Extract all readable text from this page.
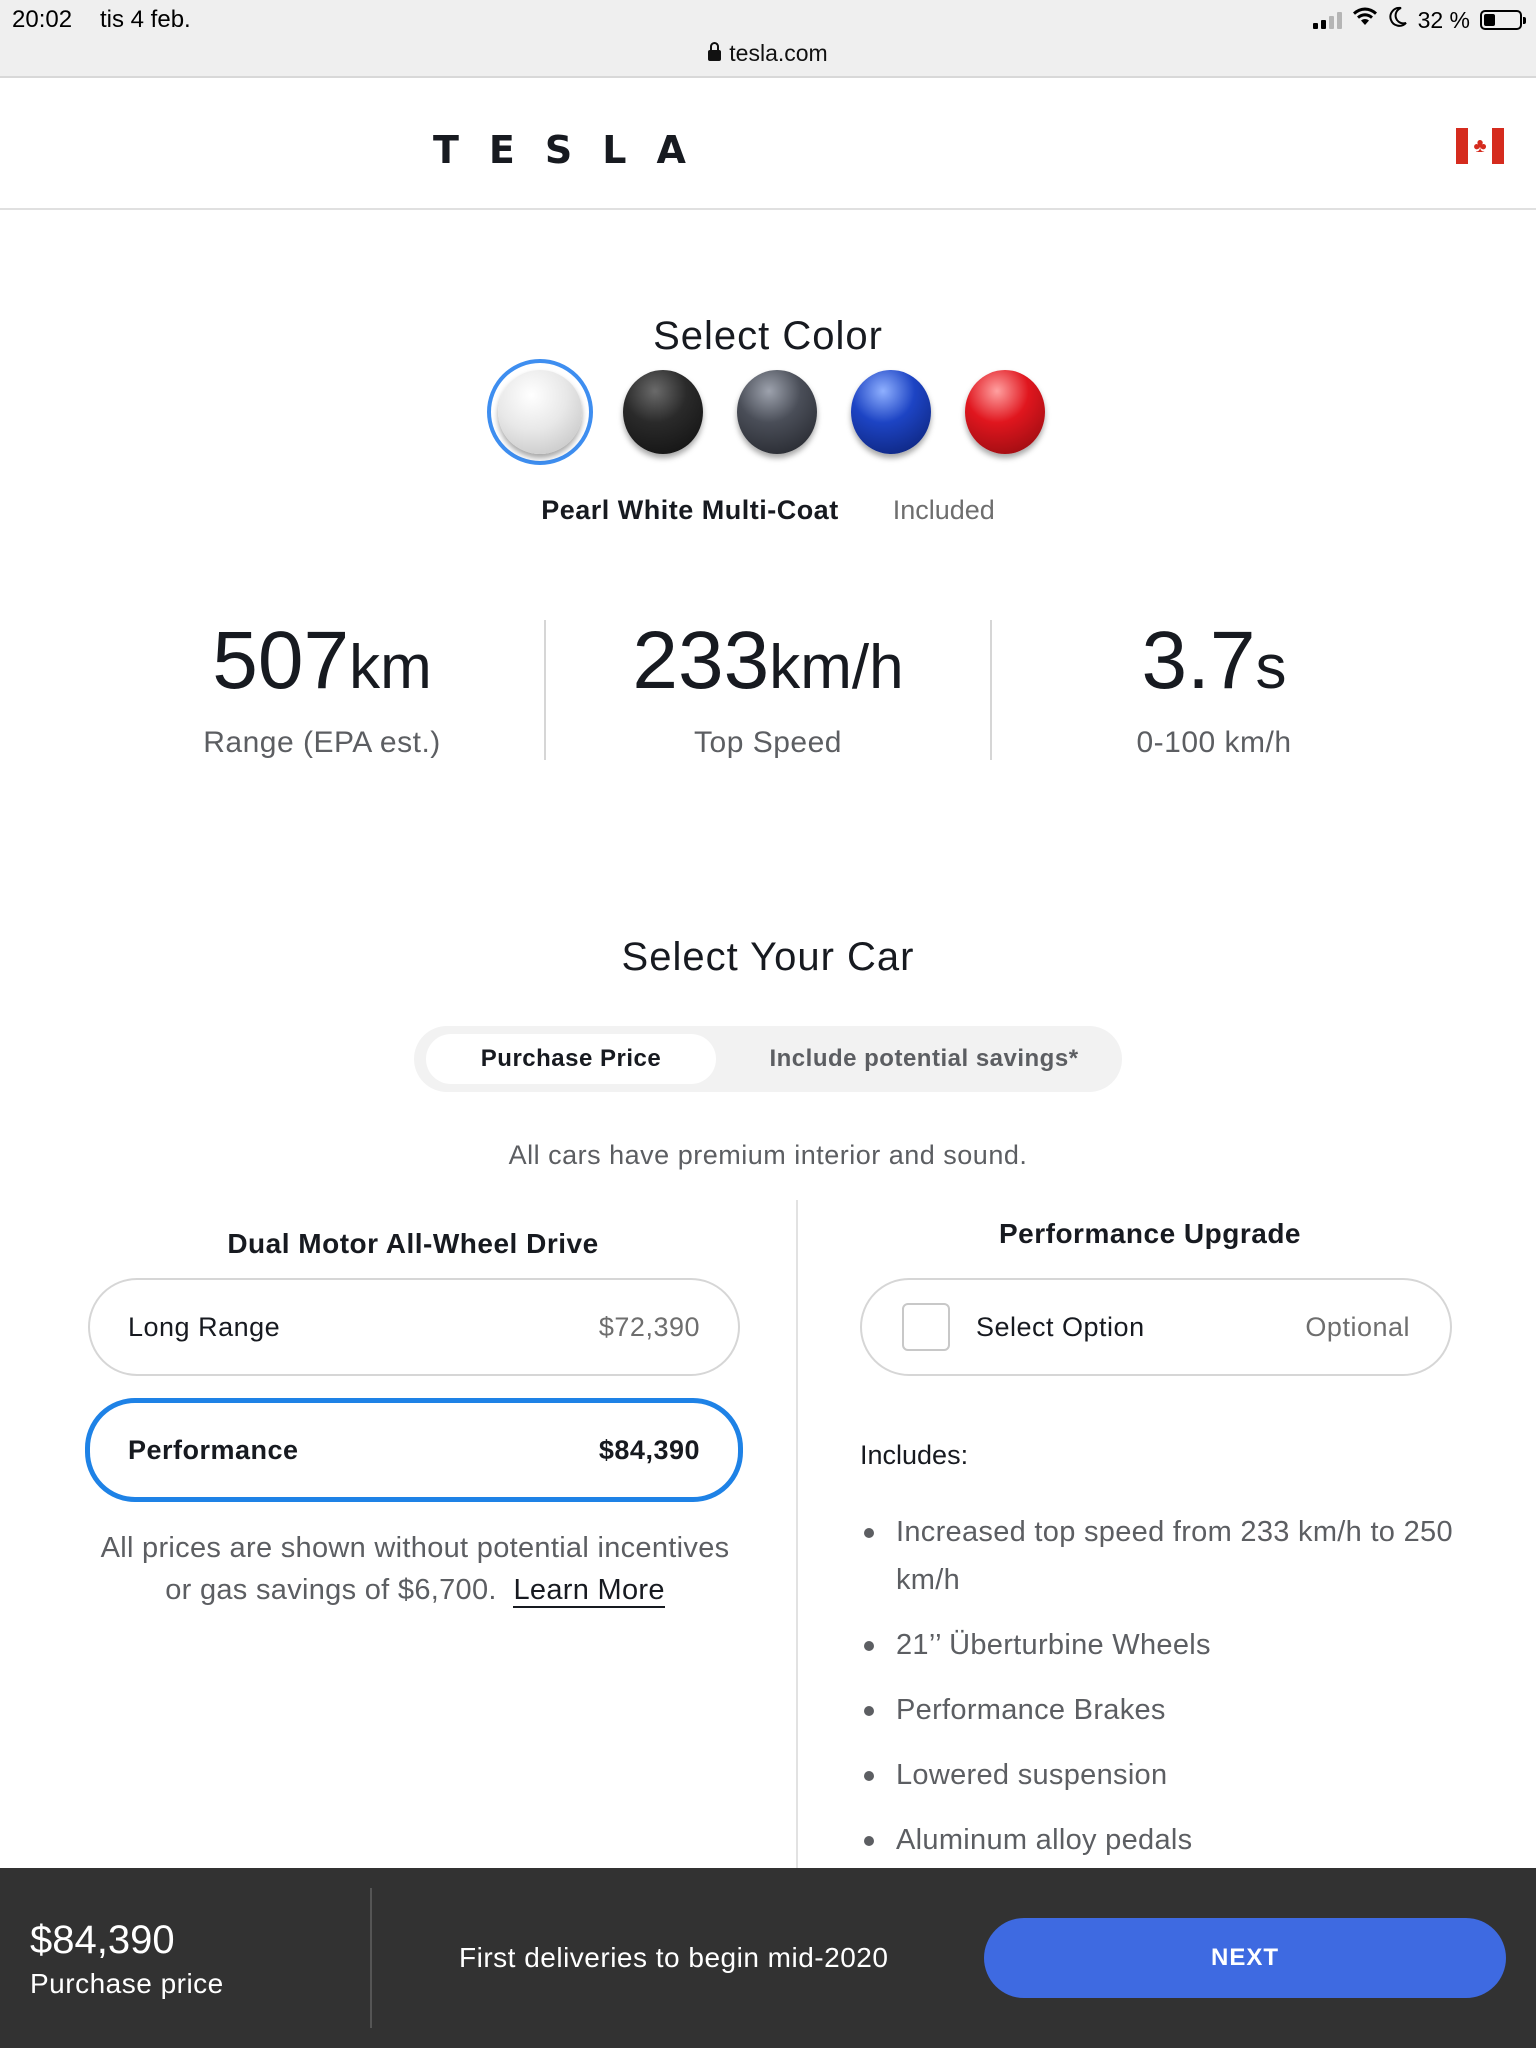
20:02 tis 4 feb.	32 %
tesla.com
TESLA	♣
Select Color
Pearl White Multi-Coat Included
507km
Range (EPA est.)
233km/h
Top Speed
3.7s
0-100 km/h
Select Your Car
Purchase Price	Include potential savings*
All cars have premium interior and sound.
Dual Motor All-Wheel Drive
Long Range	$72,390
Performance	$84,390
All prices are shown without potential incentives or gas savings of $6,700. Learn More
Performance Upgrade
Select Option	Optional
Includes:
Increased top speed from 233 km/h to 250 km/h
21’’ Überturbine Wheels
Performance Brakes
Lowered suspension
Aluminum alloy pedals
$84,390
Purchase price
First deliveries to begin mid-2020	NEXT
